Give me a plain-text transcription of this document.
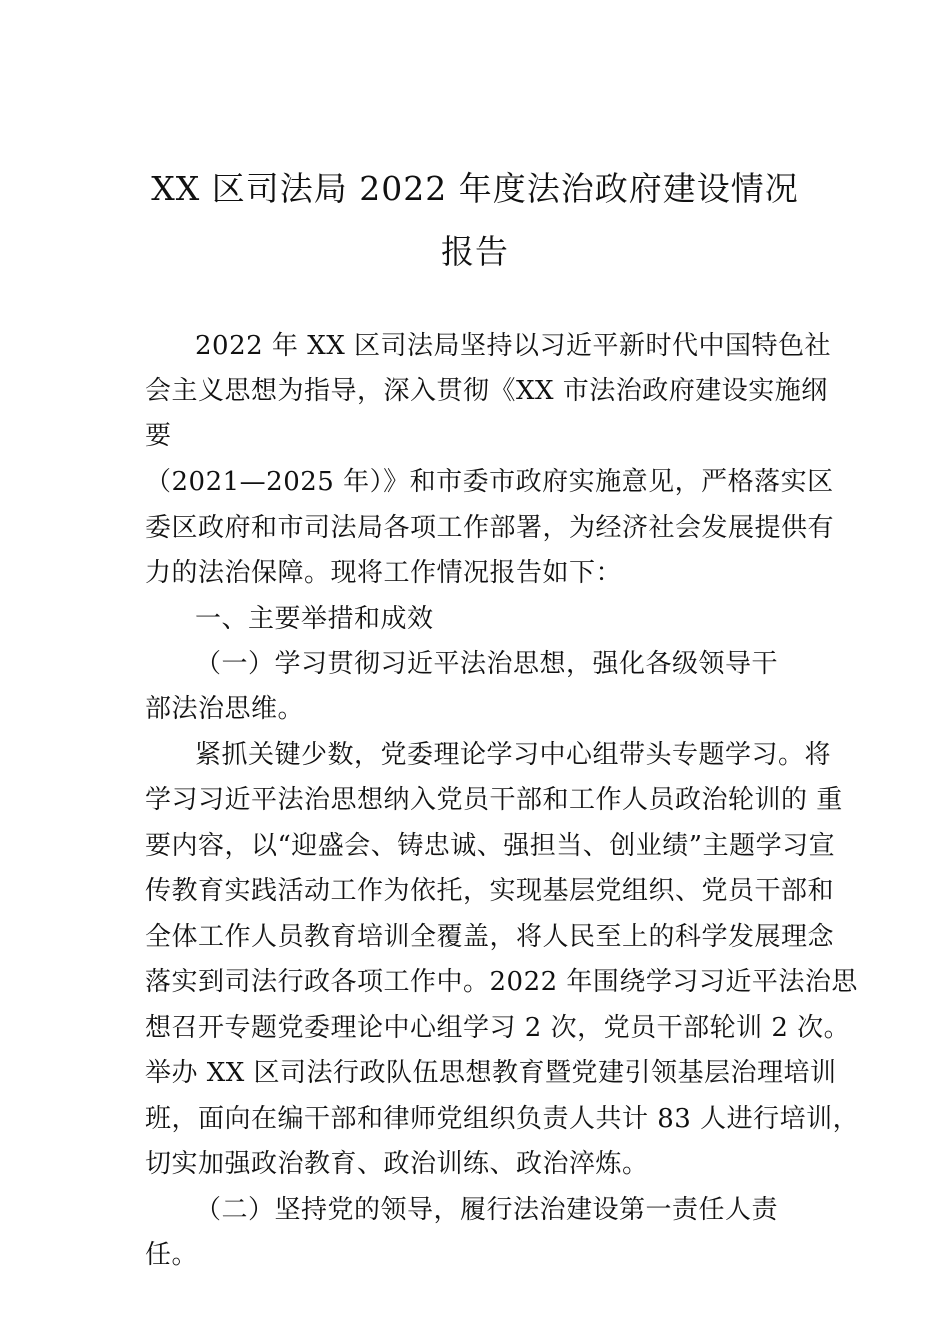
XX 区司法局 2022 年度法治政府建设情况
报告
2022 年 XX 区司法局坚持以习近平新时代中国特色社
会主义思想为指导，深入贯彻《XX 市法治政府建设实施纲
要
（2021—2025 年）》和市委市政府实施意见，严格落实区
委区政府和市司法局各项工作部署，为经济社会发展提供有
力的法治保障。现将工作情况报告如下：
一、主要举措和成效
（一）学习贯彻习近平法治思想，强化各级领导干
部法治思维。
紧抓关键少数，党委理论学习中心组带头专题学习。将
学习习近平法治思想纳入党员干部和工作人员政治轮训的 重
要内容，以“迎盛会、铸忠诚、强担当、创业绩”主题学习宣
传教育实践活动工作为依托，实现基层党组织、党员干部和
全体工作人员教育培训全覆盖，将人民至上的科学发展理念
落实到司法行政各项工作中。2022 年围绕学习习近平法治思
想召开专题党委理论中心组学习 2 次，党员干部轮训 2 次。
举办 XX 区司法行政队伍思想教育暨党建引领基层治理培训
班，面向在编干部和律师党组织负责人共计 83 人进行培训，
切实加强政治教育、政治训练、政治淬炼。
（二）坚持党的领导，履行法治建设第一责任人责
任。
